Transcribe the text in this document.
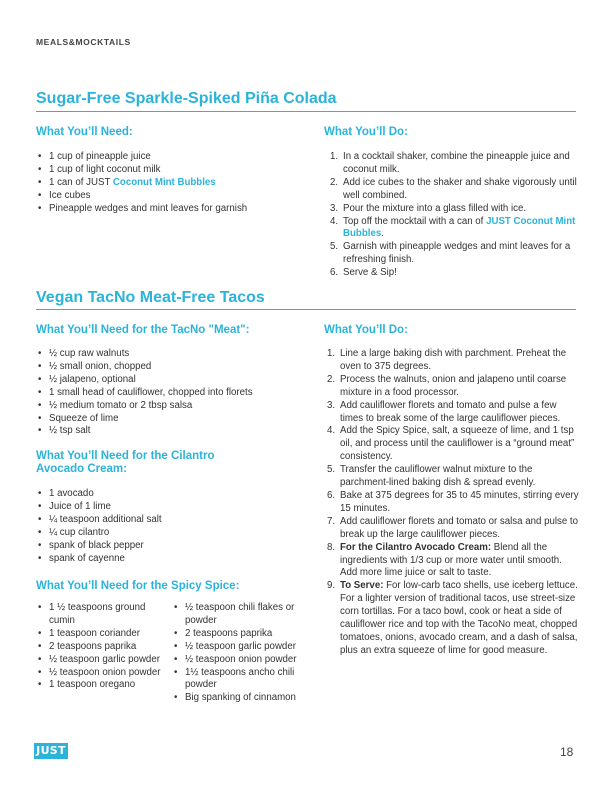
MEALS&MOCKTAILS
Sugar-Free Sparkle-Spiked Piña Colada
What You’ll Need:
• 1 cup of pineapple juice
• 1 cup of light coconut milk
• 1 can of JUST Coconut Mint Bubbles
• Ice cubes
• Pineapple wedges and mint leaves for garnish
What You’ll Do:
1. In a cocktail shaker, combine the pineapple juice and coconut milk.
2. Add ice cubes to the shaker and shake vigorously until well combined.
3. Pour the mixture into a glass filled with ice.
4. Top off the mocktail with a can of JUST Coconut Mint Bubbles.
5. Garnish with pineapple wedges and mint leaves for a refreshing finish.
6. Serve & Sip!
Vegan TacNo Meat-Free Tacos
What You’ll Need for the TacNo "Meat":
• ½ cup raw walnuts
• ½ small onion, chopped
• ½ jalapeno, optional
• 1 small head of cauliflower, chopped into florets
• ½ medium tomato or 2 tbsp salsa
• Squeeze of lime
• ½ tsp salt
What You’ll Need for the Cilantro Avocado Cream:
• 1 avocado
• Juice of 1 lime
• ¼ teaspoon additional salt
• ¼ cup cilantro
• spank of black pepper
• spank of cayenne
What You’ll Need for the Spicy Spice:
• 1 ½ teaspoons ground cumin
• 1 teaspoon coriander
• 2 teaspoons paprika
• ½ teaspoon garlic powder
• ½ teaspoon onion powder
• 1 teaspoon oregano
• ½ teaspoon chili flakes or powder
• 2 teaspoons paprika
• ½ teaspoon garlic powder
• ½ teaspoon onion powder
• 1½ teaspoons ancho chili powder
• Big spanking of cinnamon
What You’ll Do:
1. Line a large baking dish with parchment. Preheat the oven to 375 degrees.
2. Process the walnuts, onion and jalapeno until coarse mixture in a food processor.
3. Add cauliflower florets and tomato and pulse a few times to break some of the large cauliflower pieces.
4. Add the Spicy Spice, salt, a squeeze of lime, and 1 tsp oil, and process until the cauliflower is a “ground meat” consistency.
5. Transfer the cauliflower walnut mixture to the parchment-lined baking dish & spread evenly.
6. Bake at 375 degrees for 35 to 45 minutes, stirring every 15 minutes.
7. Add cauliflower florets and tomato or salsa and pulse to break up the large cauliflower pieces.
8. For the Cilantro Avocado Cream: Blend all the ingredients with 1/3 cup or more water until smooth. Add more lime juice or salt to taste.
9. To Serve: For low-carb taco shells, use iceberg lettuce. For a lighter version of traditional tacos, use street-size corn tortillas. For a taco bowl, cook or heat a side of cauliflower rice and top with the TacoNo meat, chopped tomatoes, onions, avocado cream, and a dash of salsa, plus an extra squeeze of lime for good measure.
JUST	18
